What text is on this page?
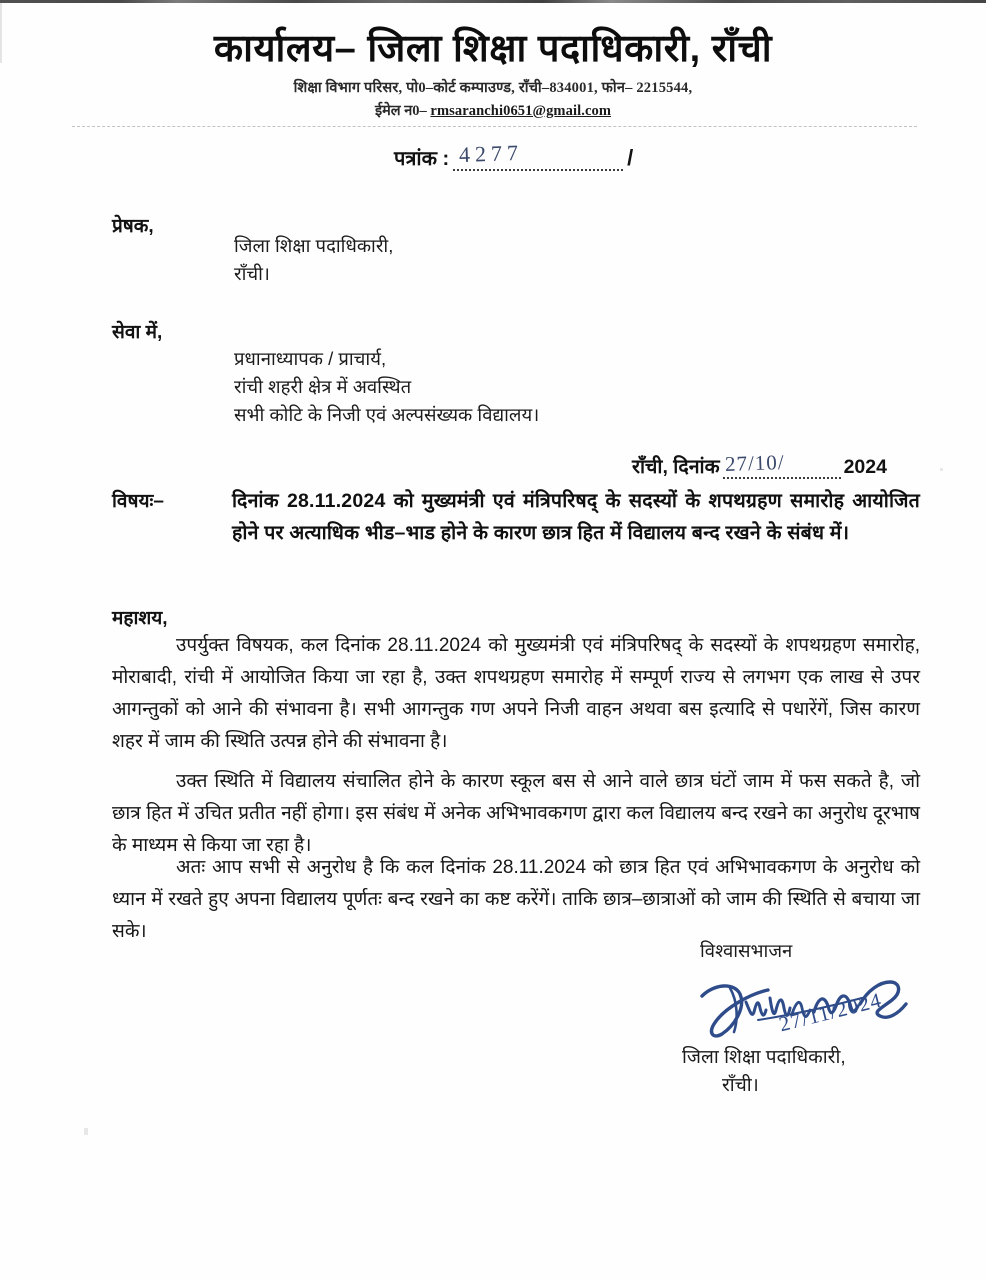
कार्यालय– जिला शिक्षा पदाधिकारी, राँची
शिक्षा विभाग परिसर, पो0–कोर्ट कम्पाउण्ड, राँची–834001, फोन– 2215544,
ईमेल न0– rmsaranchi0651@gmail.com
पत्रांक : 4277	/
प्रेषक,
जिला शिक्षा पदाधिकारी,
राँची।
सेवा में,
प्रधानाध्यापक / प्राचार्य,
रांची शहरी क्षेत्र में अवस्थित
सभी कोटि के निजी एवं अल्पसंख्यक विद्यालय।
राँची, दिनांक 27/10/	2024
विषयः–	दिनांक 28.11.2024 को मुख्यमंत्री एवं मंत्रिपरिषद् के सदस्यों के शपथग्रहण समारोह आयोजित होने पर अत्याधिक भीड–भाड होने के कारण छात्र हित में विद्यालय बन्द रखने के संबंध में।
महाशय,
उपर्युक्त विषयक, कल दिनांक 28.11.2024 को मुख्यमंत्री एवं मंत्रिपरिषद् के सदस्यों के शपथग्रहण समारोह, मोराबादी, रांची में आयोजित किया जा रहा है, उक्त शपथग्रहण समारोह में सम्पूर्ण राज्य से लगभग एक लाख से उपर आगन्तुकों को आने की संभावना है। सभी आगन्तुक गण अपने निजी वाहन अथवा बस इत्यादि से पधारेंगें, जिस कारण शहर में जाम की स्थिति उत्पन्न होने की संभावना है।
उक्त स्थिति में विद्यालय संचालित होने के कारण स्कूल बस से आने वाले छात्र घंटों जाम में फस सकते है, जो छात्र हित में उचित प्रतीत नहीं होगा। इस संबंध में अनेक अभिभावकगण द्वारा कल विद्यालय बन्द रखने का अनुरोध दूरभाष के माध्यम से किया जा रहा है।
अतः आप सभी से अनुरोध है कि कल दिनांक 28.11.2024 को छात्र हित एवं अभिभावकगण के अनुरोध को ध्यान में रखते हुए अपना विद्यालय पूर्णतः बन्द रखने का कष्ट करेंगें। ताकि छात्र–छात्राओं को जाम की स्थिति से बचाया जा सके।
विश्वासभाजन
27/11/2024
जिला शिक्षा पदाधिकारी,
राँची।
